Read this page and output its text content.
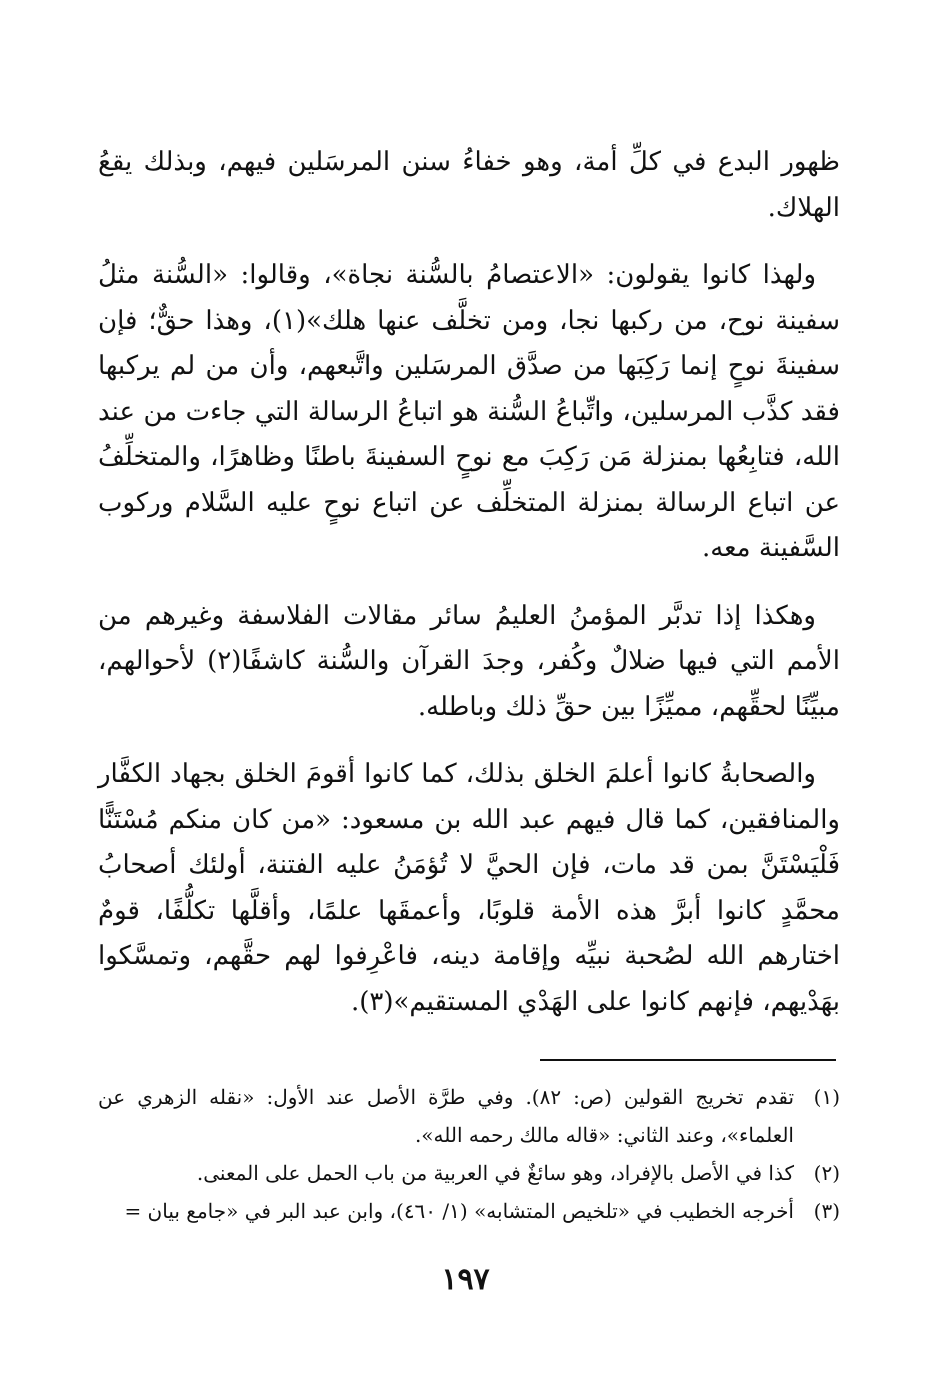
ظهور البدع في كلِّ أمة، وهو خفاءُ سنن المرسَلين فيهم، وبذلك يقعُ الهلاك.

ولهذا كانوا يقولون: «الاعتصامُ بالسُّنة نجاة»، وقالوا: «السُّنة مثلُ سفينة نوح، من ركبها نجا، ومن تخلَّف عنها هلك»(١)، وهذا حقٌّ؛ فإن سفينةَ نوحٍ إنما رَكِبَها من صدَّق المرسَلين واتَّبعهم، وأن من لم يركبها فقد كذَّب المرسلين، واتِّباعُ السُّنة هو اتباعُ الرسالة التي جاءت من عند الله، فتابِعُها بمنزلة مَن رَكِبَ مع نوحٍ السفينةَ باطنًا وظاهرًا، والمتخلِّفُ عن اتباع الرسالة بمنزلة المتخلِّف عن اتباع نوحٍ عليه السَّلام وركوب السَّفينة معه.

وهكذا إذا تدبَّر المؤمنُ العليمُ سائر مقالات الفلاسفة وغيرهم من الأمم التي فيها ضلالٌ وكُفر، وجدَ القرآن والسُّنة كاشفًا(٢) لأحوالهم، مبيِّنًا لحقِّهم، مميِّزًا بين حقِّ ذلك وباطله.

والصحابةُ كانوا أعلمَ الخلق بذلك، كما كانوا أقومَ الخلق بجهاد الكفَّار والمنافقين، كما قال فيهم عبد الله بن مسعود: «من كان منكم مُسْتَنًّا فَلْيَسْتَنَّ بمن قد مات، فإن الحيَّ لا تُؤمَنُ عليه الفتنة، أولئك أصحابُ محمَّدٍ كانوا أبرَّ هذه الأمة قلوبًا، وأعمقَها علمًا، وأقلَّها تكلُّفًا، قومٌ اختارهم الله لصُحبة نبيِّه وإقامة دينه، فاعْرِفوا لهم حقَّهم، وتمسَّكوا بهَدْيهم، فإنهم كانوا على الهَدْي المستقيم»(٣).

(١)
تقدم تخريج القولين (ص: ٨٢). وفي طرَّة الأصل عند الأول: «نقله الزهري عن العلماء»، وعند الثاني: «قاله مالك رحمه الله».
(٢)
كذا في الأصل بالإفراد، وهو سائغٌ في العربية من باب الحمل على المعنى.
(٣)
أخرجه الخطيب في «تلخيص المتشابه» (١/ ٤٦٠)، وابن عبد البر في «جامع بيان =
١٩٧
